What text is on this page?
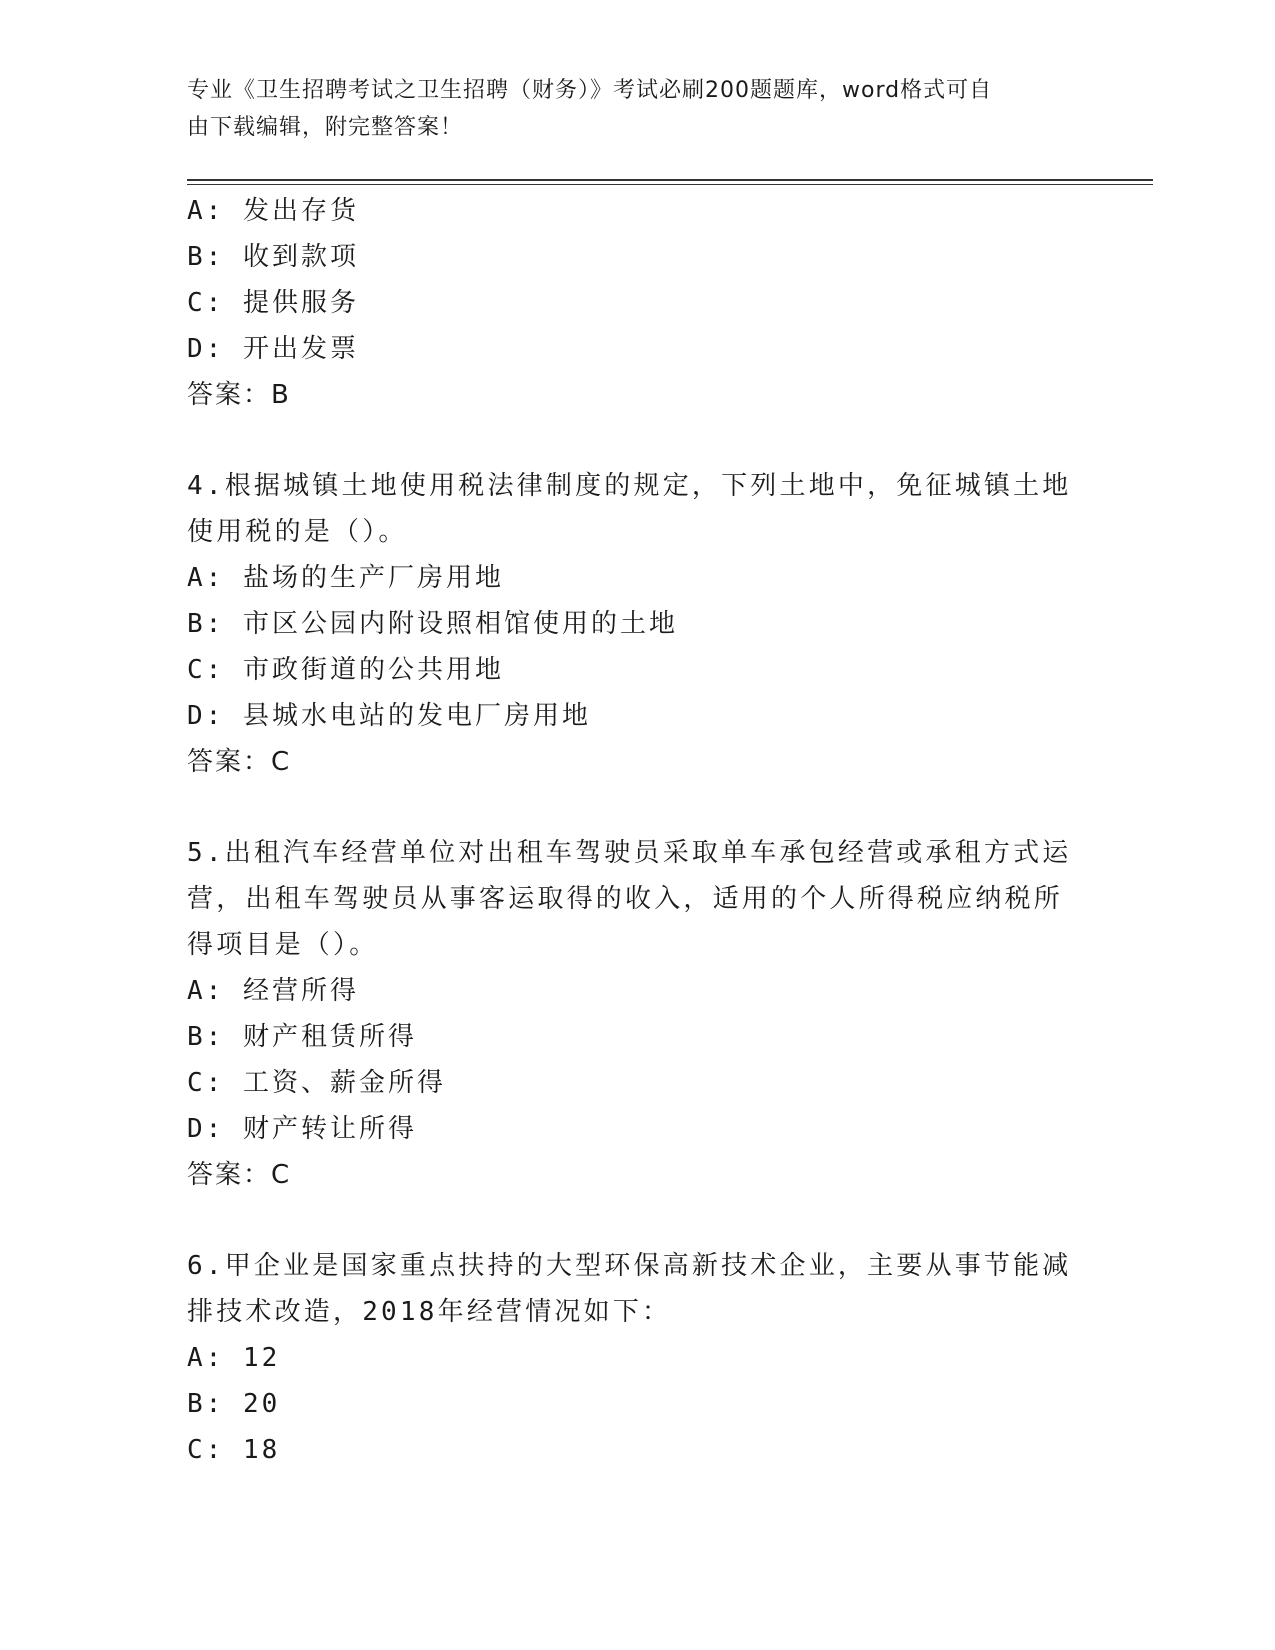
专业《卫生招聘考试之卫生招聘（财务）》考试必刷200题题库，word格式可自
由下载编辑，附完整答案！
A: 发出存货
B: 收到款项
C: 提供服务
D: 开出发票
答案：B
4.根据城镇土地使用税法律制度的规定，下列土地中，免征城镇土地
使用税的是（）。
A: 盐场的生产厂房用地
B: 市区公园内附设照相馆使用的土地
C: 市政街道的公共用地
D: 县城水电站的发电厂房用地
答案：C
5.出租汽车经营单位对出租车驾驶员采取单车承包经营或承租方式运
营，出租车驾驶员从事客运取得的收入，适用的个人所得税应纳税所
得项目是（）。
A: 经营所得
B: 财产租赁所得
C: 工资、薪金所得
D: 财产转让所得
答案：C
6.甲企业是国家重点扶持的大型环保高新技术企业，主要从事节能减
排技术改造，2018年经营情况如下：
A: 12
B: 20
C: 18
